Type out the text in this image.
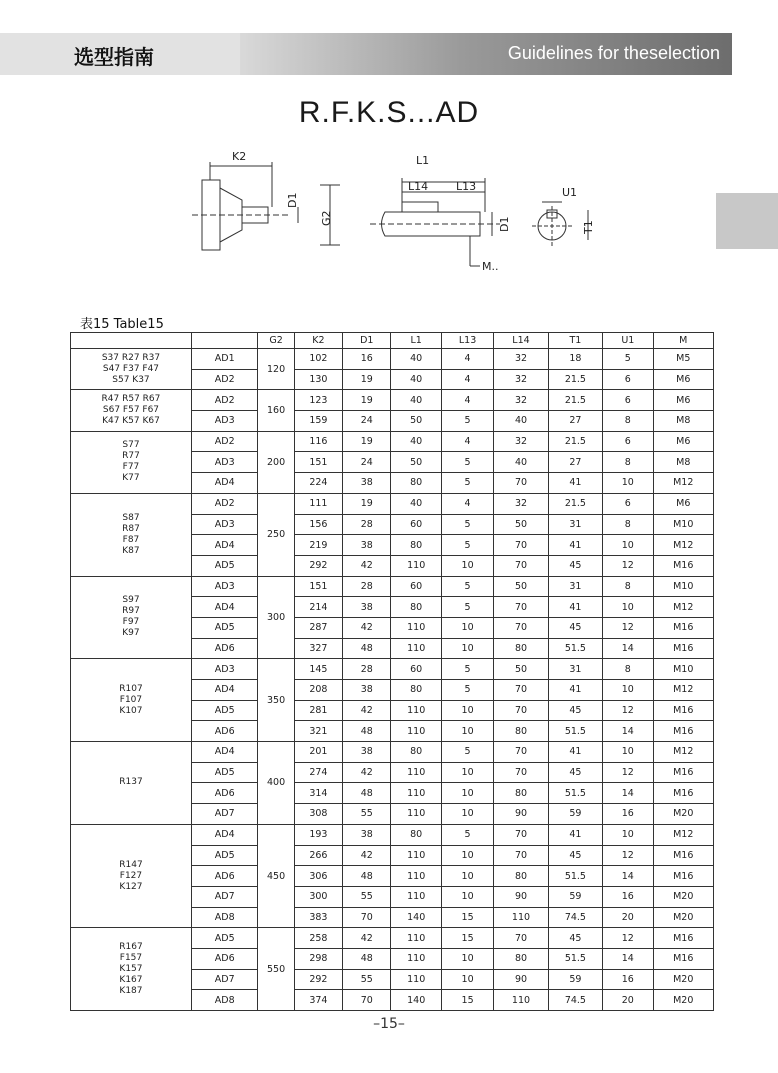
选型指南	Guidelines for theselection
R.F.K.S...AD
K2
D1
G2
L1
L14	L13
D1
M..
U1
T1
表15 Table15
		G2	K2	D1	L1	L13	L14	T1	U1	M

S37 R27 R37
S47 F37 F47
S57 K37	AD1	120	102	16	40	4	32	18	5	M5
	AD2		130	19	40	4	32	21.5	6	M6

R47 R57 R67
S67 F57 F67
K47 K57 K67	AD2	160	123	19	40	4	32	21.5	6	M6
	AD3		159	24	50	5	40	27	8	M8

S77
R77
F77
K77	AD2	200	116	19	40	4	32	21.5	6	M6
	AD3		151	24	50	5	40	27	8	M8
	AD4		224	38	80	5	70	41	10	M12

S87
R87
F87
K87	AD2	250	111	19	40	4	32	21.5	6	M6
	AD3		156	28	60	5	50	31	8	M10
	AD4		219	38	80	5	70	41	10	M12
	AD5		292	42	110	10	70	45	12	M16

S97
R97
F97
K97	AD3	300	151	28	60	5	50	31	8	M10
	AD4		214	38	80	5	70	41	10	M12
	AD5		287	42	110	10	70	45	12	M16
	AD6		327	48	110	10	80	51.5	14	M16

R107
F107
K107	AD3	350	145	28	60	5	50	31	8	M10
	AD4		208	38	80	5	70	41	10	M12
	AD5		281	42	110	10	70	45	12	M16
	AD6		321	48	110	10	80	51.5	14	M16

R137	AD4	400	201	38	80	5	70	41	10	M12
	AD5		274	42	110	10	70	45	12	M16
	AD6		314	48	110	10	80	51.5	14	M16
	AD7		308	55	110	10	90	59	16	M20

R147
F127
K127	AD4	450	193	38	80	5	70	41	10	M12
	AD5		266	42	110	10	70	45	12	M16
	AD6		306	48	110	10	80	51.5	14	M16
	AD7		300	55	110	10	90	59	16	M20
	AD8		383	70	140	15	110	74.5	20	M20

R167
F157
K157
K167
K187	AD5	550	258	42	110	15	70	45	12	M16
	AD6		298	48	110	10	80	51.5	14	M16
	AD7		292	55	110	10	90	59	16	M20
	AD8		374	70	140	15	110	74.5	20	M20
–15–
